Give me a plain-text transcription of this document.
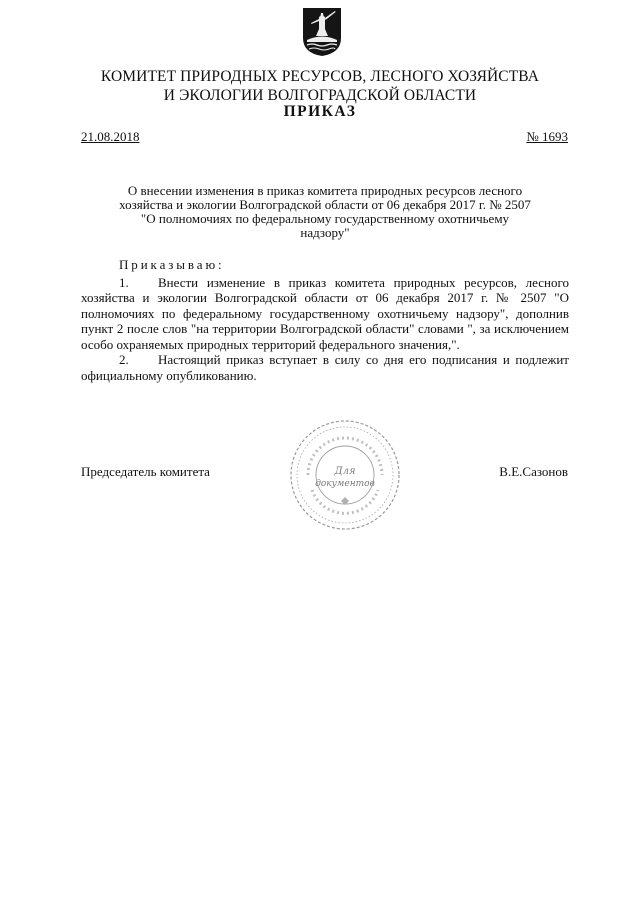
КОМИТЕТ ПРИРОДНЫХ РЕСУРСОВ, ЛЕСНОГО ХОЗЯЙСТВА
И ЭКОЛОГИИ ВОЛГОГРАДСКОЙ ОБЛАСТИ
ПРИКАЗ
21.08.2018	№ 1693
О внесении изменения в приказ комитета природных ресурсов лесного
хозяйства и экологии Волгоградской области от 06 декабря 2017 г. № 2507
"О полномочиях по федеральному государственному охотничьему
надзору"
Приказываю:

1. Внести изменение в приказ комитета природных ресурсов, лесного хозяйства и экологии Волгоградской области от 06 декабря 2017 г. № 2507 "О полномочиях по федеральному государственному охотничьему надзору", дополнив пункт 2 после слов "на территории Волгоградской области" словами ", за исключением особо охраняемых природных территорий федерального значения,".

2. Настоящий приказ вступает в силу со дня его подписания и подлежит официальному опубликованию.

Председатель комитета	В.Е.Сазонов
Для
документов
